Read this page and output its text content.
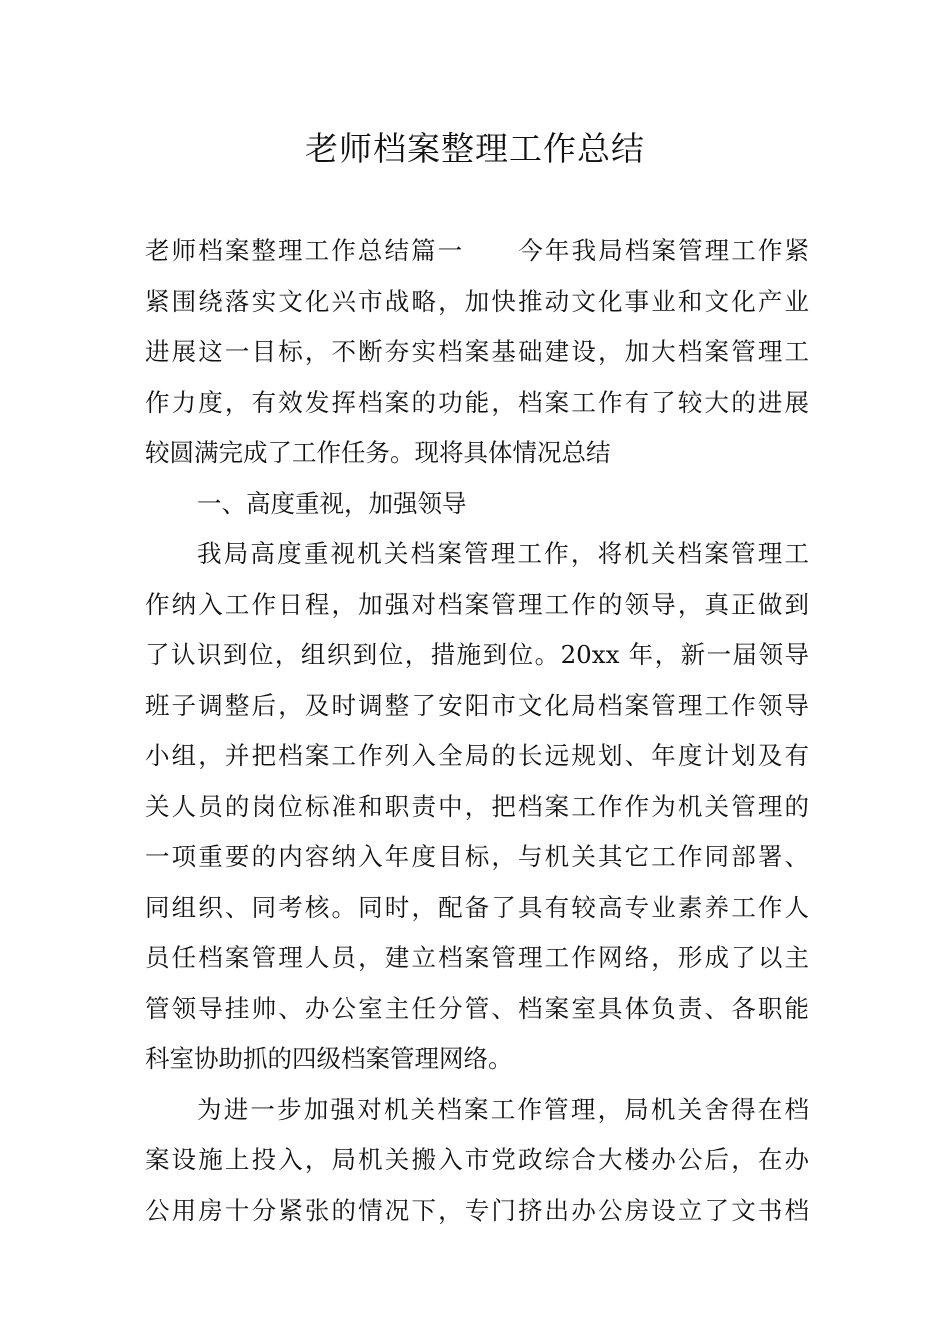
老师档案整理工作总结
老师档案整理工作总结篇一 今年我局档案管理工作紧
紧围绕落实文化兴市战略，加快推动文化事业和文化产业
进展这一目标，不断夯实档案基础建设，加大档案管理工
作力度，有效发挥档案的功能，档案工作有了较大的进展
较圆满完成了工作任务。现将具体情况总结
一、高度重视，加强领导
我局高度重视机关档案管理工作，将机关档案管理工
作纳入工作日程，加强对档案管理工作的领导，真正做到
了认识到位，组织到位，措施到位。20xx 年，新一届领导
班子调整后，及时调整了安阳市文化局档案管理工作领导
小组，并把档案工作列入全局的长远规划、年度计划及有
关人员的岗位标准和职责中，把档案工作作为机关管理的
一项重要的内容纳入年度目标，与机关其它工作同部署、
同组织、同考核。同时，配备了具有较高专业素养工作人
员任档案管理人员，建立档案管理工作网络，形成了以主
管领导挂帅、办公室主任分管、档案室具体负责、各职能
科室协助抓的四级档案管理网络。
为进一步加强对机关档案工作管理，局机关舍得在档
案设施上投入，局机关搬入市党政综合大楼办公后，在办
公用房十分紧张的情况下，专门挤出办公房设立了文书档
